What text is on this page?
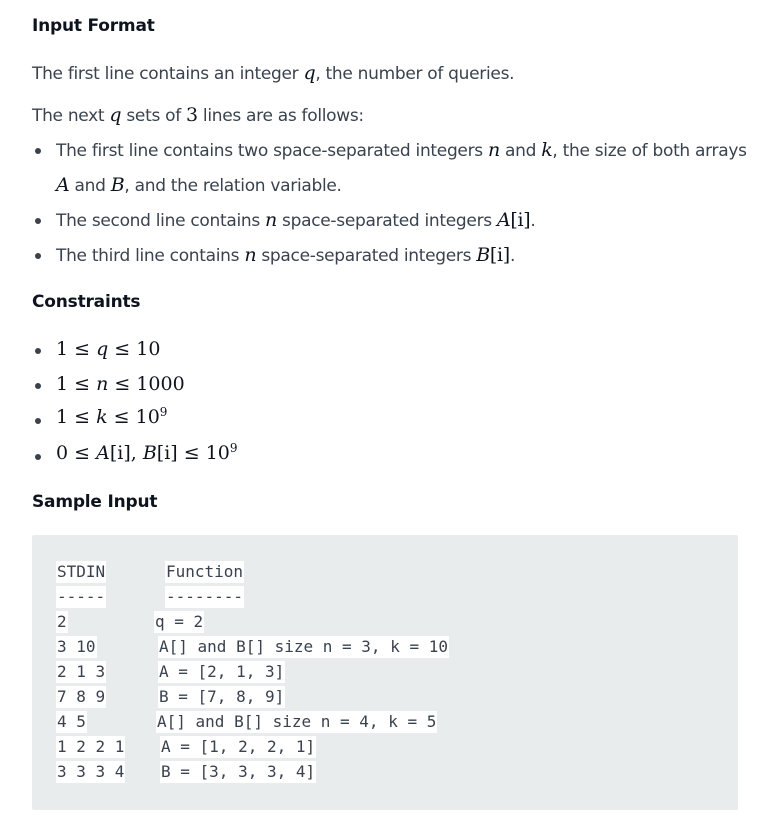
Input Format

The first line contains an integer q, the number of queries.

The next q sets of 3 lines are as follows:

The first line contains two space-separated integers n and k, the size of both arrays

A and B, and the relation variable.

The second line contains n space-separated integers A[i].

The third line contains n space-separated integers B[i].

Constraints

1 ≤ q ≤ 10

1 ≤ n ≤ 1000

$1 \le k \le 10^9$

0 ≤ A[i], $B[i] \le 10^9$

Sample Input
STDIN	Function
-----	--------
2	q = 2
3 10	A[] and B[] size n = 3, k = 10
2 1 3	A = [2, 1, 3]
7 8 9	B = [7, 8, 9]
4 5	A[] and B[] size n = 4, k = 5
1 2 2 1 A = [1, 2, 2, 1]
3 3 3 4 B = [3, 3, 3, 4]
